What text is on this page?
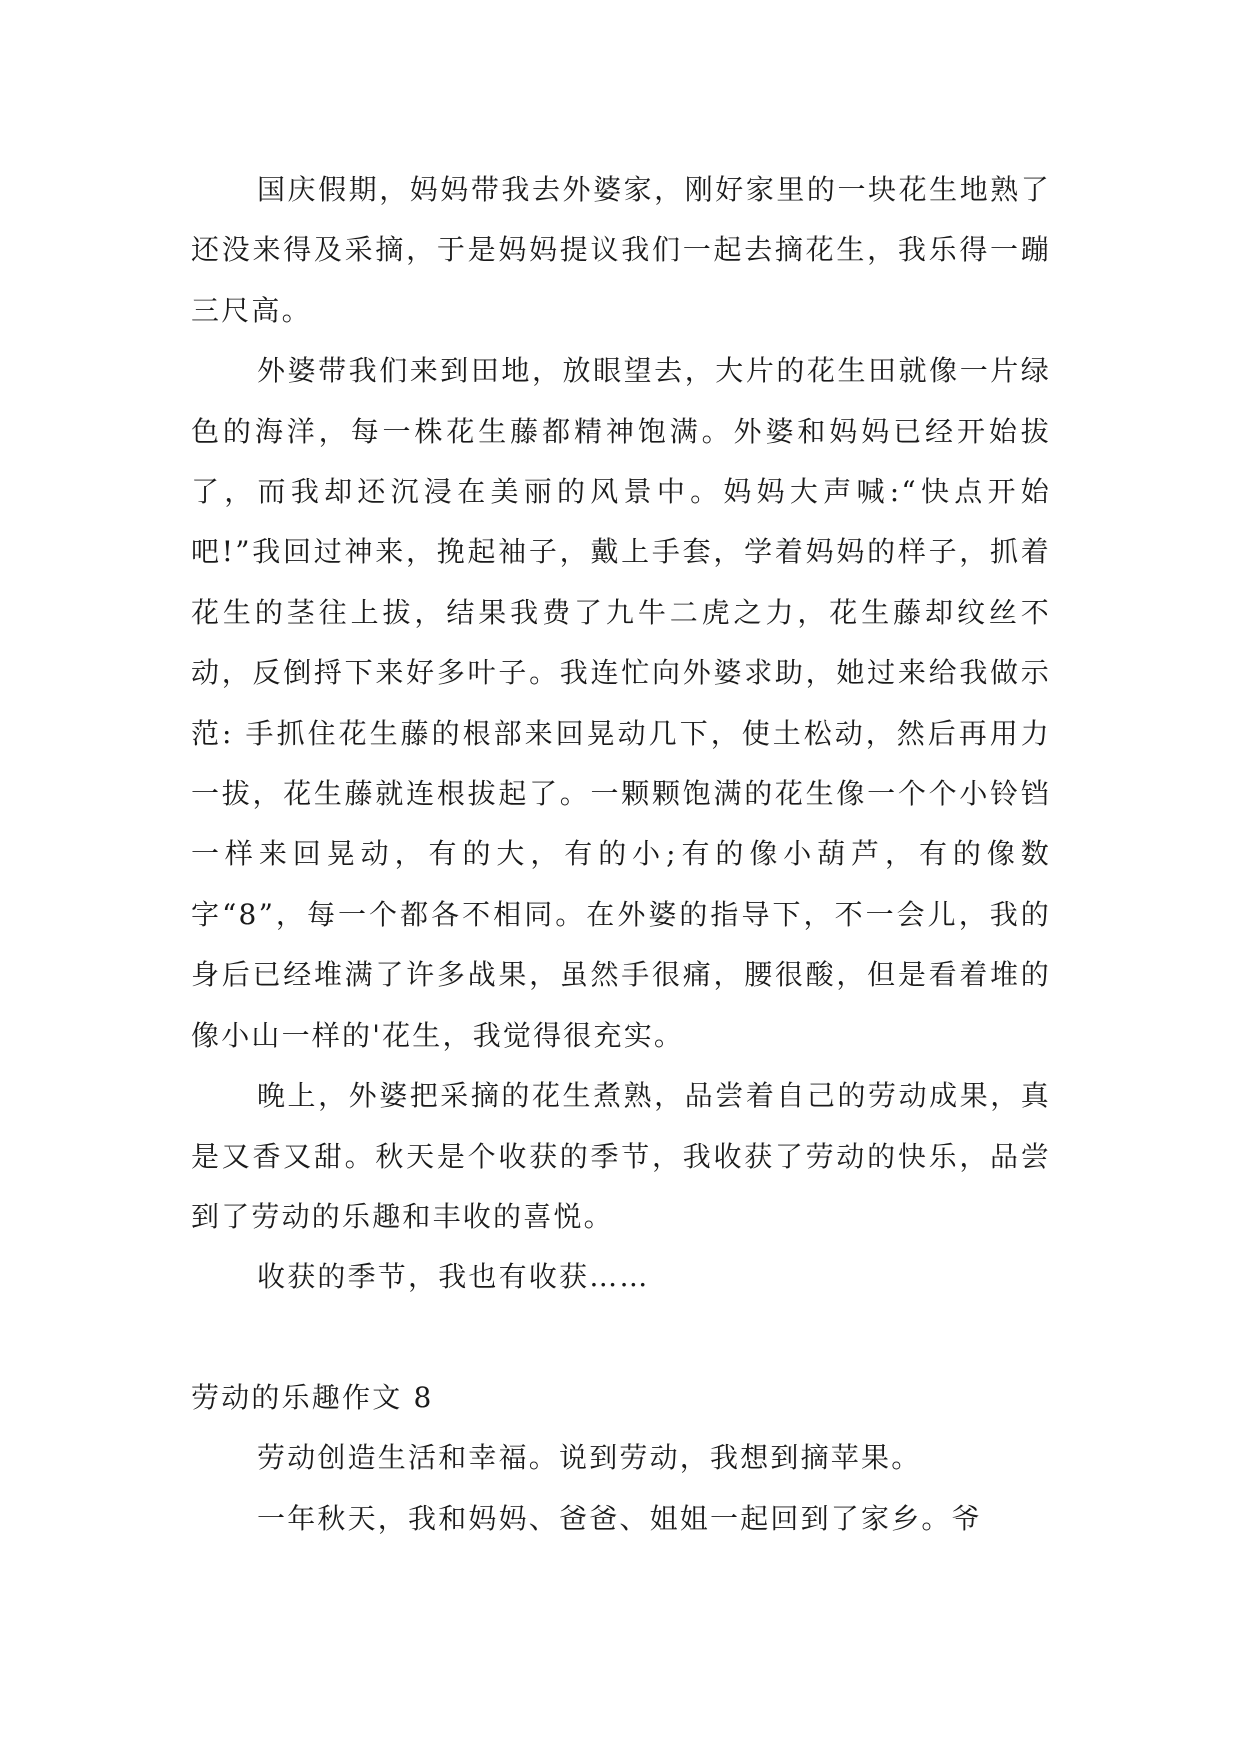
国庆假期，妈妈带我去外婆家，刚好家里的一块花生地熟了还没来得及采摘，于是妈妈提议我们一起去摘花生，我乐得一蹦三尺高。

外婆带我们来到田地，放眼望去，大片的花生田就像一片绿色的海洋，每一株花生藤都精神饱满。外婆和妈妈已经开始拔了，而我却还沉浸在美丽的风景中。妈妈大声喊:“快点开始吧!”我回过神来，挽起袖子，戴上手套，学着妈妈的样子，抓着花生的茎往上拔，结果我费了九牛二虎之力，花生藤却纹丝不动，反倒捋下来好多叶子。我连忙向外婆求助，她过来给我做示范: 手抓住花生藤的根部来回晃动几下，使土松动，然后再用力一拔，花生藤就连根拔起了。一颗颗饱满的花生像一个个小铃铛一样来回晃动，有的大，有的小;有的像小葫芦，有的像数字“8”，每一个都各不相同。在外婆的指导下，不一会儿，我的身后已经堆满了许多战果，虽然手很痛，腰很酸，但是看着堆的像小山一样的'花生，我觉得很充实。

晚上，外婆把采摘的花生煮熟，品尝着自己的劳动成果，真是又香又甜。秋天是个收获的季节，我收获了劳动的快乐，品尝到了劳动的乐趣和丰收的喜悦。

收获的季节，我也有收获……

劳动的乐趣作文 8

劳动创造生活和幸福。说到劳动，我想到摘苹果。

一年秋天，我和妈妈、爸爸、姐姐一起回到了家乡。爷
